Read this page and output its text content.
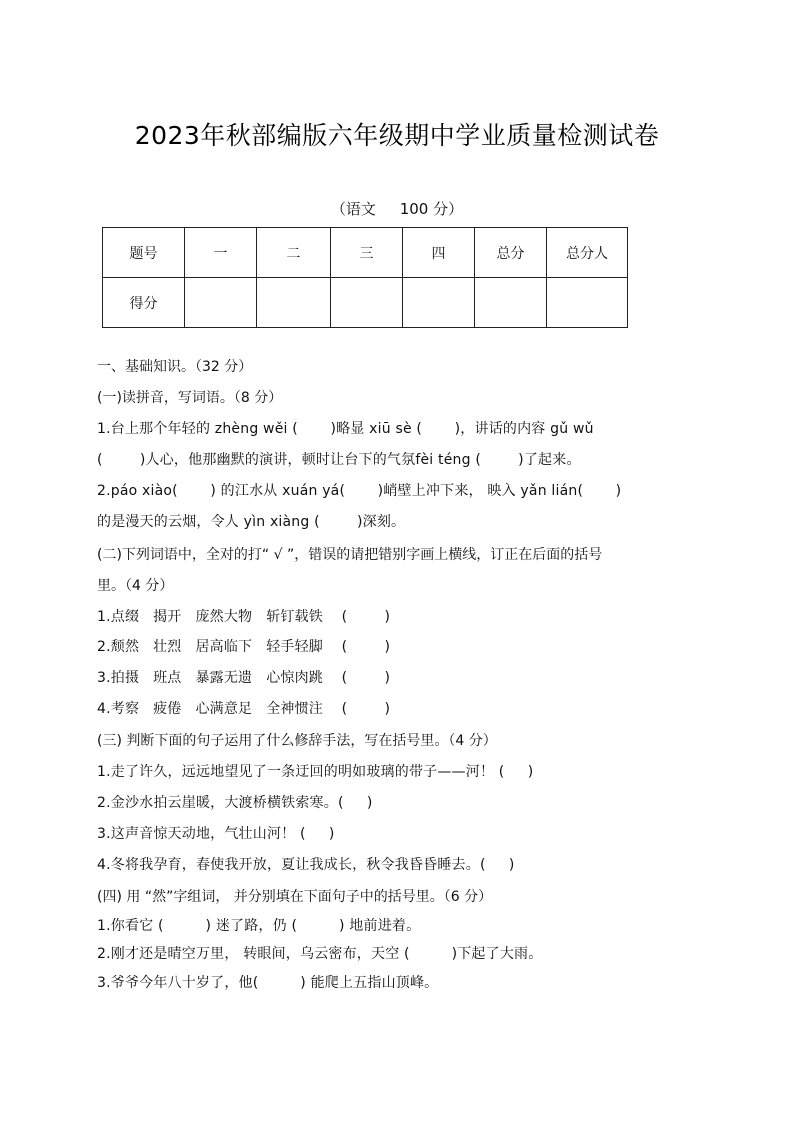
2023年秋部编版六年级期中学业质量检测试卷
（语文     100 分）
题号	一	二	三	四	总分	总分人
得分						
一、基础知识。（32 分）
(一)读拼音，写词语。（8 分）
1.台上那个年轻的 zhèng wěi (       )略显 xiū sè (       )，讲话的内容 gǔ wǔ
(        )人心，他那幽默的演讲，顿时让台下的气氛fèi téng (        )了起来。
2.páo xiào(       ) 的江水从 xuán yá(       )峭壁上冲下来， 映入 yǎn lián(       )
的是漫天的云烟，令人 yìn xiàng (        )深刻。
(二)下列词语中，全对的打“ √ ”，错误的请把错别字画上横线，订正在后面的括号
里。（4 分）
1.点缀   揭开   庞然大物   斩钉载铁    (        )
2.颓然   壮烈   居高临下   轻手轻脚    (        )
3.拍摄   班点   暴露无遗   心惊肉跳    (        )
4.考察   疲倦   心满意足   全神惯注    (        )
(三) 判断下面的句子运用了什么修辞手法，写在括号里。（4 分）
1.走了许久，远远地望见了一条迂回的明如玻璃的带子——河！ (     )
2.金沙水拍云崖暖，大渡桥横铁索寒。(     )
3.这声音惊天动地，气壮山河！ (     )
4.冬将我孕育，春使我开放，夏让我成长，秋令我昏昏睡去。(     )
(四) 用 “然”字组词， 并分别填在下面句子中的括号里。（6 分）
1.你看它 (         ) 迷了路，仍 (         ) 地前进着。
2.刚才还是晴空万里， 转眼间，乌云密布，天空 (         )下起了大雨。
3.爷爷今年八十岁了，他(         ) 能爬上五指山顶峰。
